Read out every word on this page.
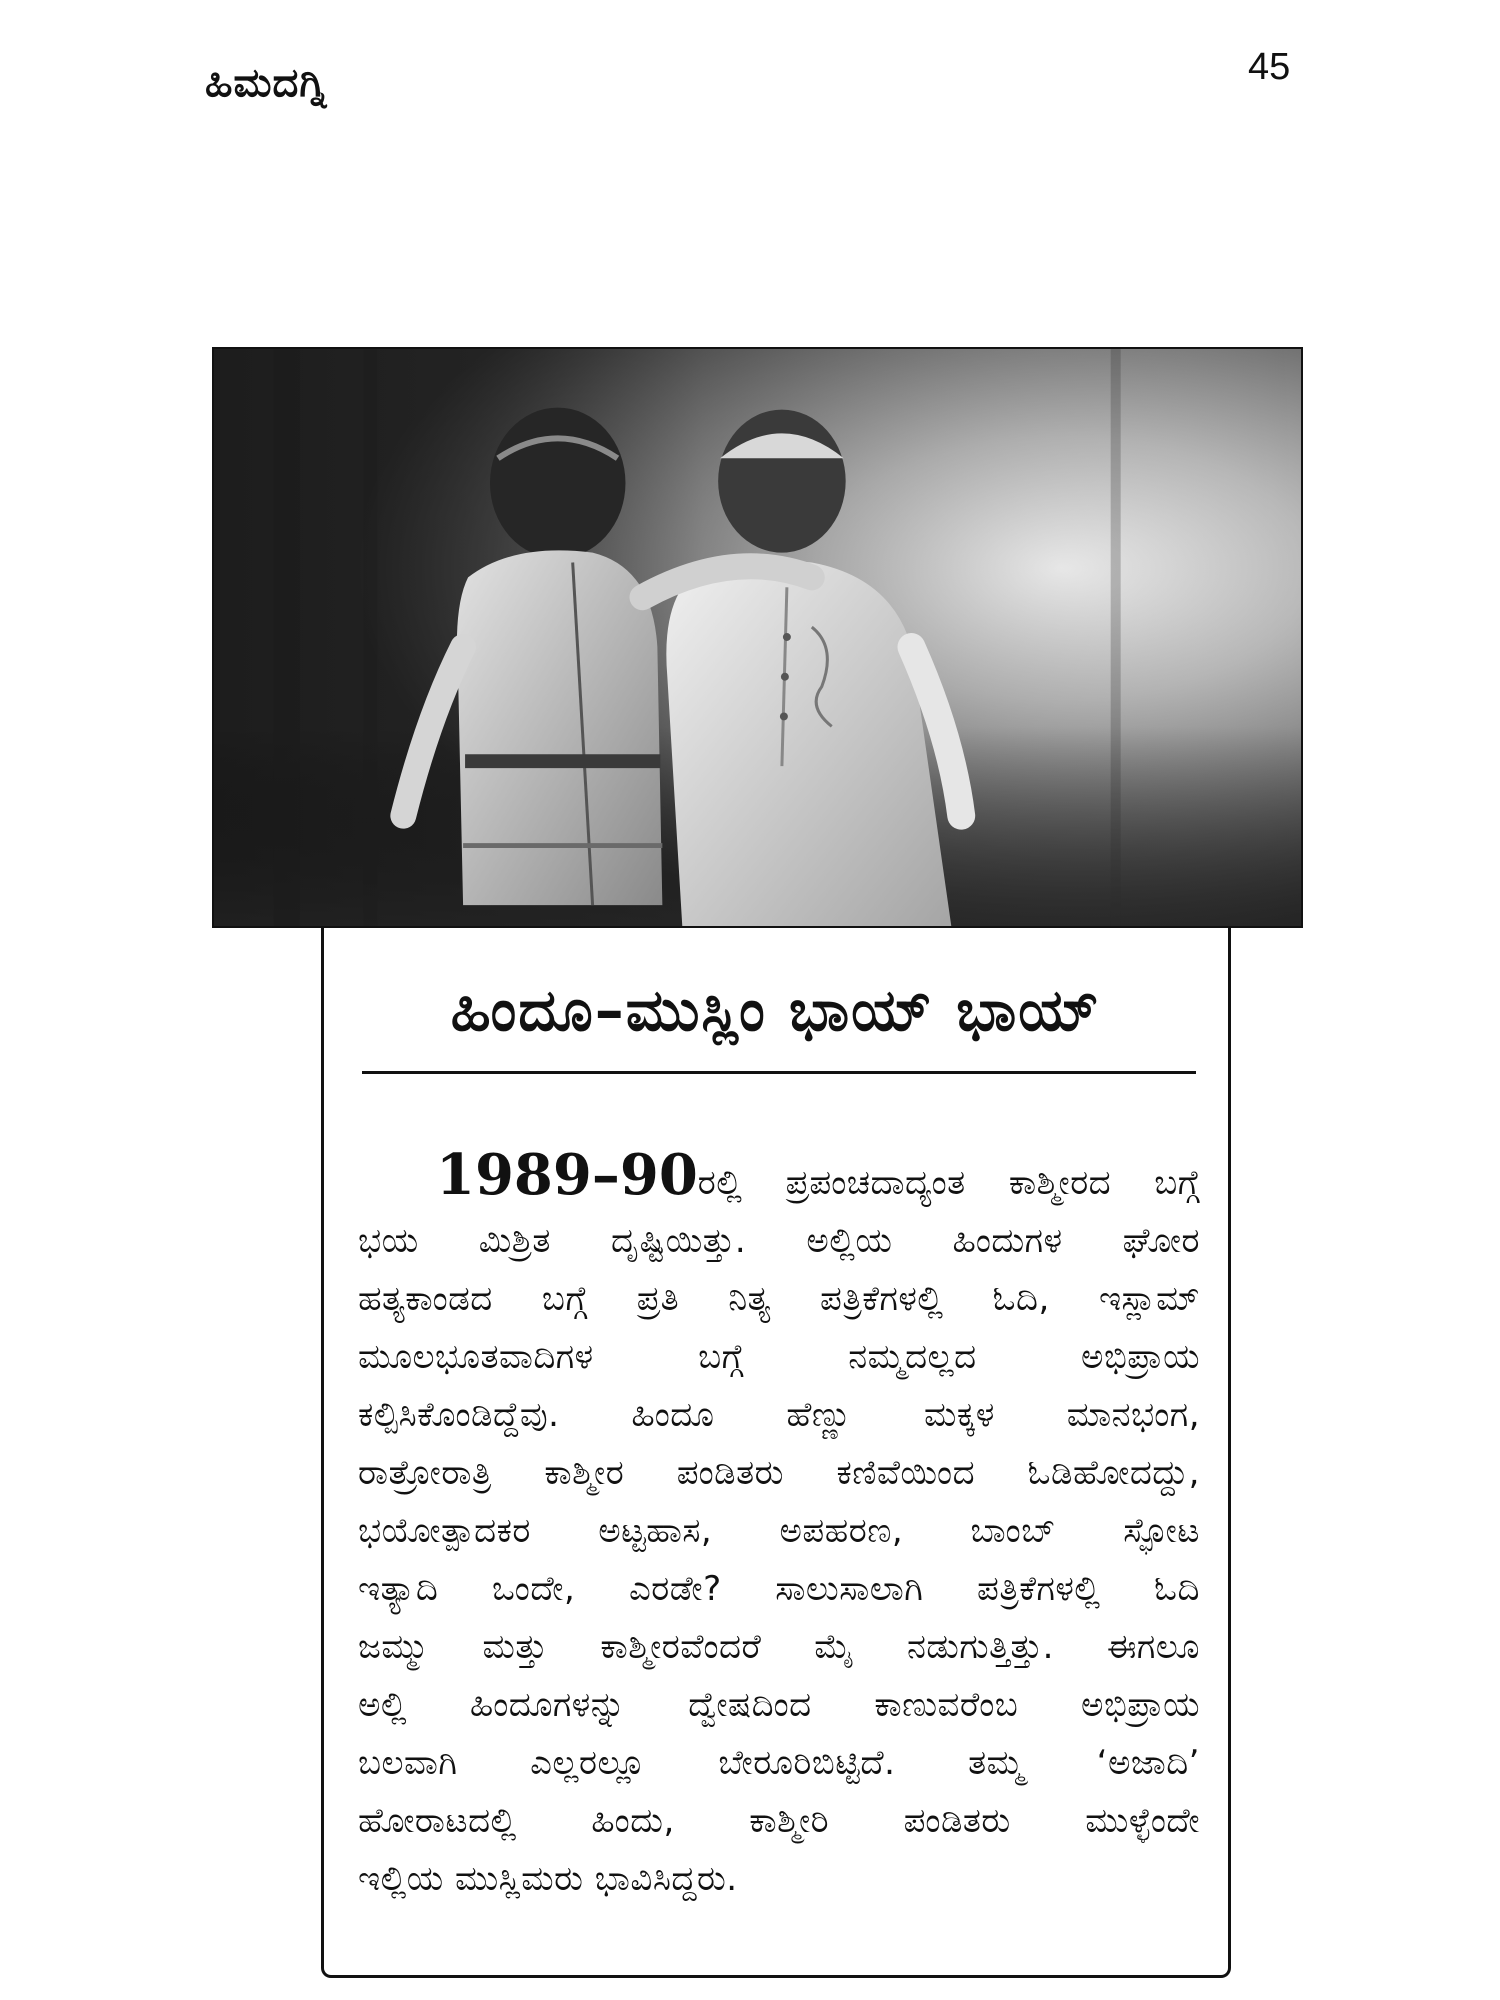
ಹಿಮದಗ್ನಿ	45
ಹಿಂದೂ–ಮುಸ್ಲಿಂ ಭಾಯ್ ಭಾಯ್
1989–90ರಲ್ಲಿ ಪ್ರಪಂಚದಾದ್ಯಂತ ಕಾಶ್ಮೀರದ ಬಗ್ಗೆ
ಭಯ ಮಿಶ್ರಿತ ದೃಷ್ಟಿಯಿತ್ತು. ಅಲ್ಲಿಯ ಹಿಂದುಗಳ ಘೋರ
ಹತ್ಯಕಾಂಡದ ಬಗ್ಗೆ ಪ್ರತಿ ನಿತ್ಯ ಪತ್ರಿಕೆಗಳಲ್ಲಿ ಓದಿ, ಇಸ್ಲಾಮ್
ಮೂಲಭೂತವಾದಿಗಳ ಬಗ್ಗೆ ನಮ್ಮದಲ್ಲದ ಅಭಿಪ್ರಾಯ
ಕಲ್ಪಿಸಿಕೊಂಡಿದ್ದೆವು. ಹಿಂದೂ ಹೆಣ್ಣು ಮಕ್ಕಳ ಮಾನಭಂಗ,
ರಾತ್ರೋರಾತ್ರಿ ಕಾಶ್ಮೀರ ಪಂಡಿತರು ಕಣಿವೆಯಿಂದ ಓಡಿಹೋದದ್ದು,
ಭಯೋತ್ಪಾದಕರ ಅಟ್ಟಹಾಸ, ಅಪಹರಣ, ಬಾಂಬ್ ಸ್ಫೋಟ
ಇತ್ಯಾದಿ ಒಂದೇ, ಎರಡೇ? ಸಾಲುಸಾಲಾಗಿ ಪತ್ರಿಕೆಗಳಲ್ಲಿ ಓದಿ
ಜಮ್ಮು ಮತ್ತು ಕಾಶ್ಮೀರವೆಂದರೆ ಮೈ ನಡುಗುತ್ತಿತ್ತು. ಈಗಲೂ
ಅಲ್ಲಿ ಹಿಂದೂಗಳನ್ನು ದ್ವೇಷದಿಂದ ಕಾಣುವರೆಂಬ ಅಭಿಪ್ರಾಯ
ಬಲವಾಗಿ ಎಲ್ಲರಲ್ಲೂ ಬೇರೂರಿಬಿಟ್ಟಿದೆ. ತಮ್ಮ ‘ಅಜಾದಿ’
ಹೋರಾಟದಲ್ಲಿ ಹಿಂದು, ಕಾಶ್ಮೀರಿ ಪಂಡಿತರು ಮುಳ್ಳೆಂದೇ
ಇಲ್ಲಿಯ ಮುಸ್ಲಿಮರು ಭಾವಿಸಿದ್ದರು.
